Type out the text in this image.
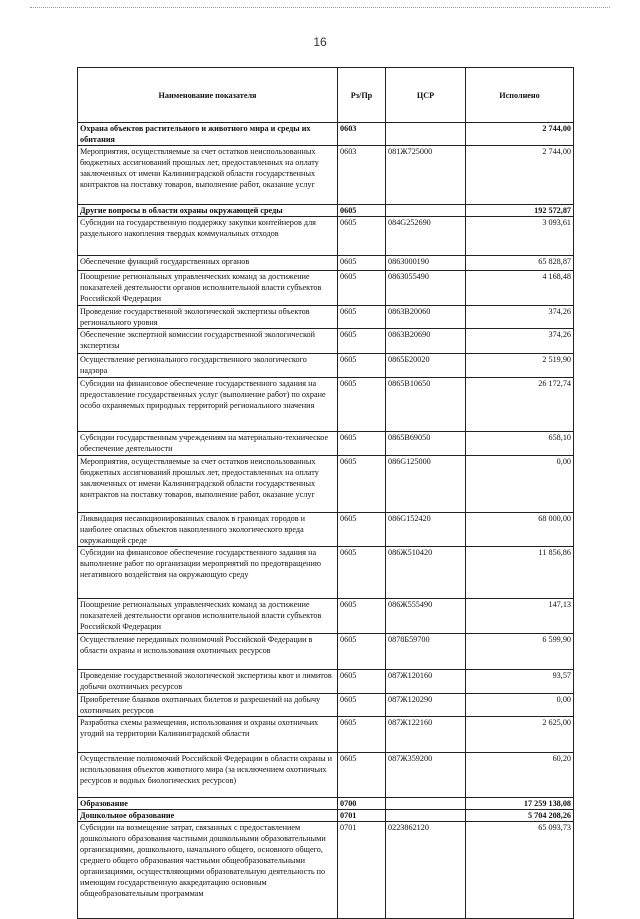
16
Наименование показателя	Рз/Пр	ЦСР	Исполнено
Охрана объектов растительного и животного мира и среды их обитания	0603		2 744,00
Мероприятия, осуществляемые за счет остатков неиспользованных бюджетных ассигнований прошлых лет, предоставленных на оплату заключенных от имени Калининградской области государственных контрактов на поставку товаров, выполнение работ, оказание услуг	0603	081Ж725000	2 744,00
Другие вопросы в области охраны окружающей среды	0605		192 572,87
Субсидии на государственную поддержку закупки контейнеров для раздельного накопления твердых коммунальных отходов	0605	084G252690	3 093,61
Обеспечение функций государственных органов	0605	0863000190	65 828,87
Поощрение региональных управленческих команд за достижение показателей деятельности органов исполнительной власти субъектов Российской Федерации	0605	0863055490	4 168,48
Проведение государственной экологической экспертизы объектов регионального уровня	0605	0863B20060	374,26
Обеспечение экспертной комиссии государственной экологической экспертизы	0605	0863B20690	374,26
Осуществление регионального государственного экологического надзора	0605	0865Б20020	2 519,90
Субсидии на финансовое обеспечение государственного задания на предоставление государственных услуг (выполнение работ) по охране особо охраняемых природных территорий регионального значения	0605	0865B10650	26 172,74
Субсидии государственным учреждениям на материально-техническое обеспечение деятельности	0605	0865B69050	658,10
Мероприятия, осуществляемые за счет остатков неиспользованных бюджетных ассигнований прошлых лет, предоставленных на оплату заключенных от имени Калининградской области государственных контрактов на поставку товаров, выполнение работ, оказание услуг	0605	086G125000	0,00
Ликвидация несанкционированных свалок в границах городов и наиболее опасных объектов накопленного экологического вреда окружающей среде	0605	086G152420	68 000,00
Субсидии на финансовое обеспечение государственного задания на выполнение работ по организации мероприятий по предотвращению негативного воздействия на окружающую среду	0605	086Ж510420	11 856,86
Поощрение региональных управленческих команд за достижение показателей деятельности органов исполнительной власти субъектов Российской Федерации	0605	086Ж555490	147,13
Осуществление переданных полномочий Российской Федерации в области охраны и использования охотничьих ресурсов	0605	0878Б59700	6 599,90
Проведение государственной экологической экспертизы квот и лимитов добычи охотничьих ресурсов	0605	087Ж120160	93,57
Приобретение бланков охотничьих билетов и разрешений на добычу охотничьих ресурсов	0605	087Ж120290	0,00
Разработка схемы размещения, использования и охраны охотничьих угодий на территории Калининградской области	0605	087Ж122160	2 625,00
Осуществление полномочий Российской Федерации в области охраны и использования объектов животного мира (за исключением охотничьих ресурсов и водных биологических ресурсов)	0605	087Ж359200	60,20
Образование	0700		17 259 138,08
Дошкольное образование	0701		5 704 208,26
Субсидии на возмещение затрат, связанных с предоставлением дошкольного образования частными дошкольными образовательными организациями, дошкольного, начального общего, основного общего, среднего общего образования частными общеобразовательными организациями, осуществляющими образовательную деятельность по имеющим государственную аккредитацию основным общеобразовательным программам	0701	0223862120	65 093,73
